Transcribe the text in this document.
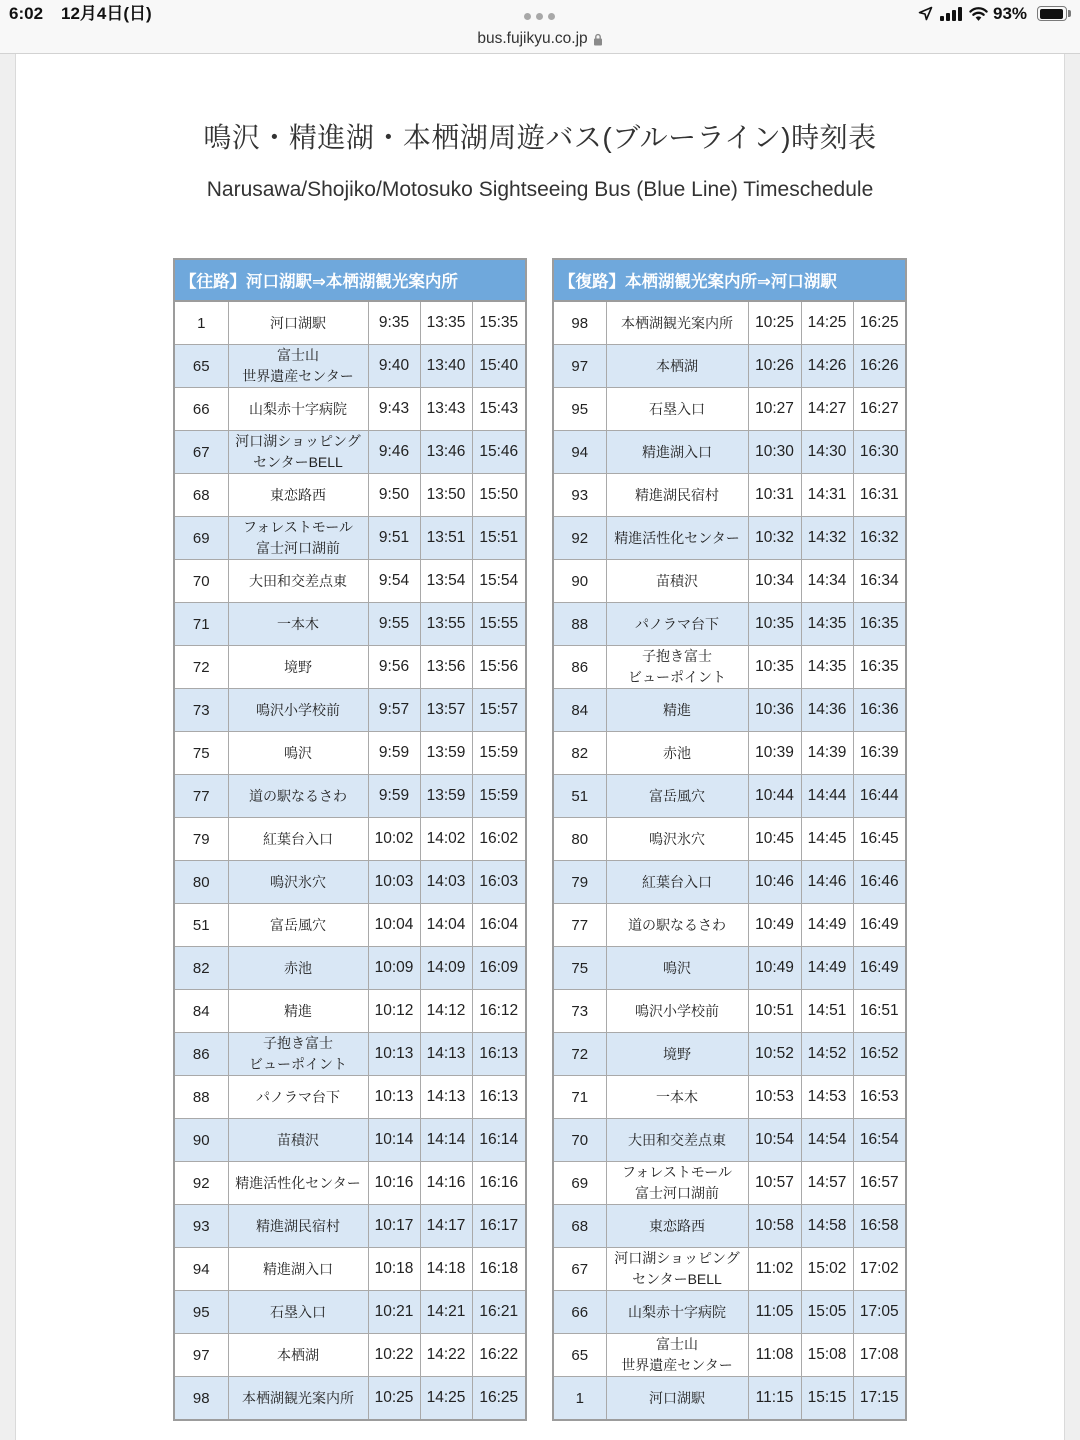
6:02 12月4日(日)	93%
bus.fujikyu.co.jp
鳴沢・精進湖・本栖湖周遊バス(ブルーライン)時刻表
Narusawa/Shojiko/Motosuko Sightseeing Bus (Blue Line) Timeschedule
【往路】河口湖駅⇒本栖湖観光案内所				
1	河口湖駅	9:35	13:35	15:35
65	富士山
世界遺産センター	9:40	13:40	15:40
66	山梨赤十字病院	9:43	13:43	15:43
67	河口湖ショッピング
センターBELL	9:46	13:46	15:46
68	東恋路西	9:50	13:50	15:50
69	フォレストモール
富士河口湖前	9:51	13:51	15:51
70	大田和交差点東	9:54	13:54	15:54
71	一本木	9:55	13:55	15:55
72	境野	9:56	13:56	15:56
73	鳴沢小学校前	9:57	13:57	15:57
75	鳴沢	9:59	13:59	15:59
77	道の駅なるさわ	9:59	13:59	15:59
79	紅葉台入口	10:02	14:02	16:02
80	鳴沢氷穴	10:03	14:03	16:03
51	富岳風穴	10:04	14:04	16:04
82	赤池	10:09	14:09	16:09
84	精進	10:12	14:12	16:12
86	子抱き富士
ビューポイント	10:13	14:13	16:13
88	パノラマ台下	10:13	14:13	16:13
90	苗積沢	10:14	14:14	16:14
92	精進活性化センター	10:16	14:16	16:16
93	精進湖民宿村	10:17	14:17	16:17
94	精進湖入口	10:18	14:18	16:18
95	石塁入口	10:21	14:21	16:21
97	本栖湖	10:22	14:22	16:22
98	本栖湖観光案内所	10:25	14:25	16:25
【復路】本栖湖観光案内所⇒河口湖駅				
98	本栖湖観光案内所	10:25	14:25	16:25
97	本栖湖	10:26	14:26	16:26
95	石塁入口	10:27	14:27	16:27
94	精進湖入口	10:30	14:30	16:30
93	精進湖民宿村	10:31	14:31	16:31
92	精進活性化センター	10:32	14:32	16:32
90	苗積沢	10:34	14:34	16:34
88	パノラマ台下	10:35	14:35	16:35
86	子抱き富士
ビューポイント	10:35	14:35	16:35
84	精進	10:36	14:36	16:36
82	赤池	10:39	14:39	16:39
51	富岳風穴	10:44	14:44	16:44
80	鳴沢氷穴	10:45	14:45	16:45
79	紅葉台入口	10:46	14:46	16:46
77	道の駅なるさわ	10:49	14:49	16:49
75	鳴沢	10:49	14:49	16:49
73	鳴沢小学校前	10:51	14:51	16:51
72	境野	10:52	14:52	16:52
71	一本木	10:53	14:53	16:53
70	大田和交差点東	10:54	14:54	16:54
69	フォレストモール
富士河口湖前	10:57	14:57	16:57
68	東恋路西	10:58	14:58	16:58
67	河口湖ショッピング
センターBELL	11:02	15:02	17:02
66	山梨赤十字病院	11:05	15:05	17:05
65	富士山
世界遺産センター	11:08	15:08	17:08
1	河口湖駅	11:15	15:15	17:15
